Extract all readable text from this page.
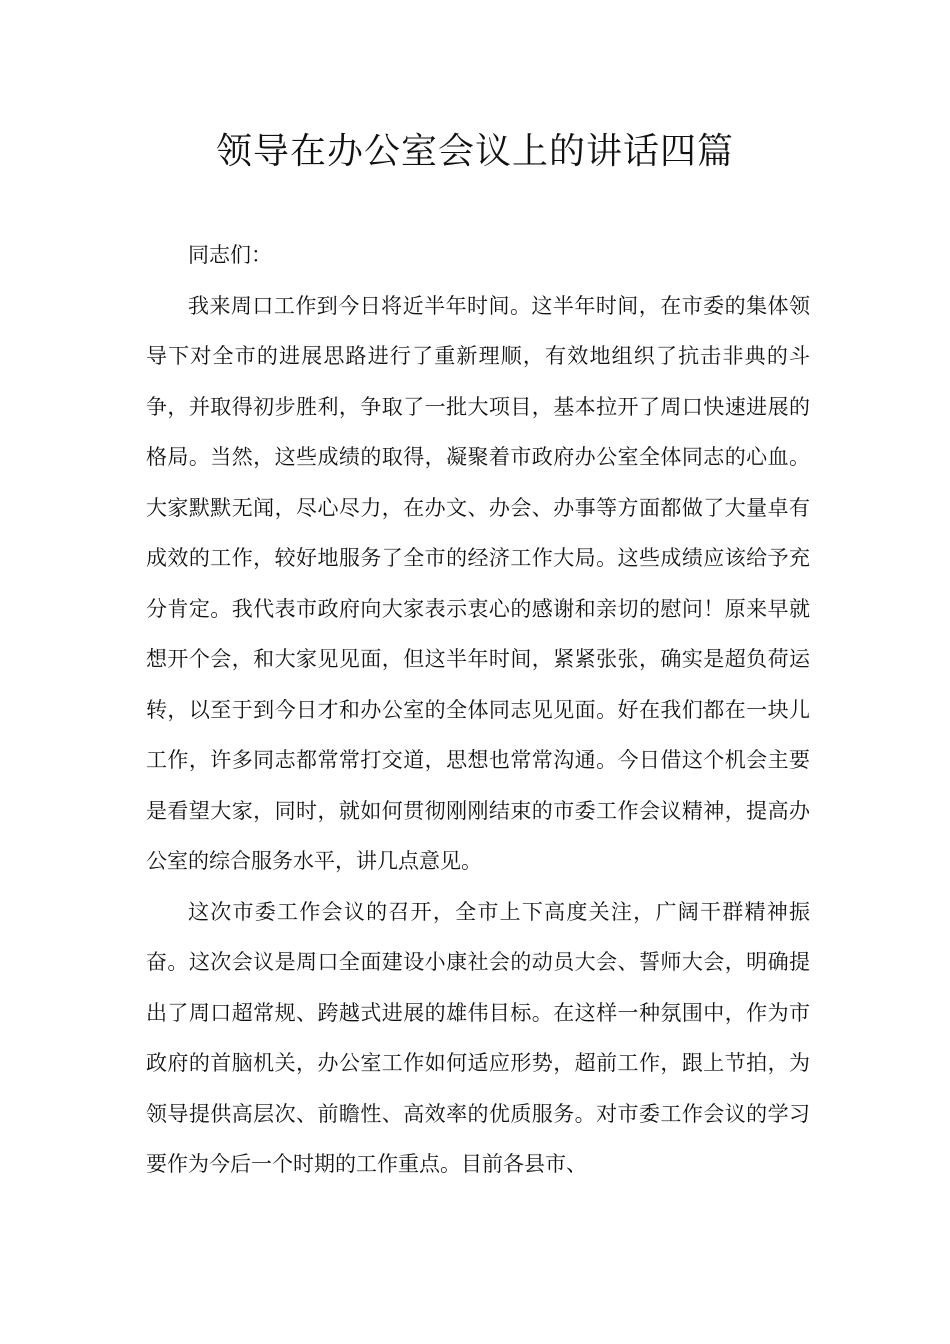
领导在办公室会议上的讲话四篇

同志们：

我来周口工作到今日将近半年时间。这半年时间，在市委的集体领导下对全市的进展思路进行了重新理顺，有效地组织了抗击非典的斗争，并取得初步胜利，争取了一批大项目，基本拉开了周口快速进展的格局。当然，这些成绩的取得，凝聚着市政府办公室全体同志的心血。大家默默无闻，尽心尽力，在办文、办会、办事等方面都做了大量卓有成效的工作，较好地服务了全市的经济工作大局。这些成绩应该给予充分肯定。我代表市政府向大家表示衷心的感谢和亲切的慰问！原来早就想开个会，和大家见见面，但这半年时间，紧紧张张，确实是超负荷运转，以至于到今日才和办公室的全体同志见见面。好在我们都在一块儿工作，许多同志都常常打交道，思想也常常沟通。今日借这个机会主要是看望大家，同时，就如何贯彻刚刚结束的市委工作会议精神，提高办公室的综合服务水平，讲几点意见。

这次市委工作会议的召开，全市上下高度关注，广阔干群精神振奋。这次会议是周口全面建设小康社会的动员大会、誓师大会，明确提出了周口超常规、跨越式进展的雄伟目标。在这样一种氛围中，作为市政府的首脑机关，办公室工作如何适应形势，超前工作，跟上节拍，为领导提供高层次、前瞻性、高效率的优质服务。对市委工作会议的学习要作为今后一个时期的工作重点。目前各县市、
